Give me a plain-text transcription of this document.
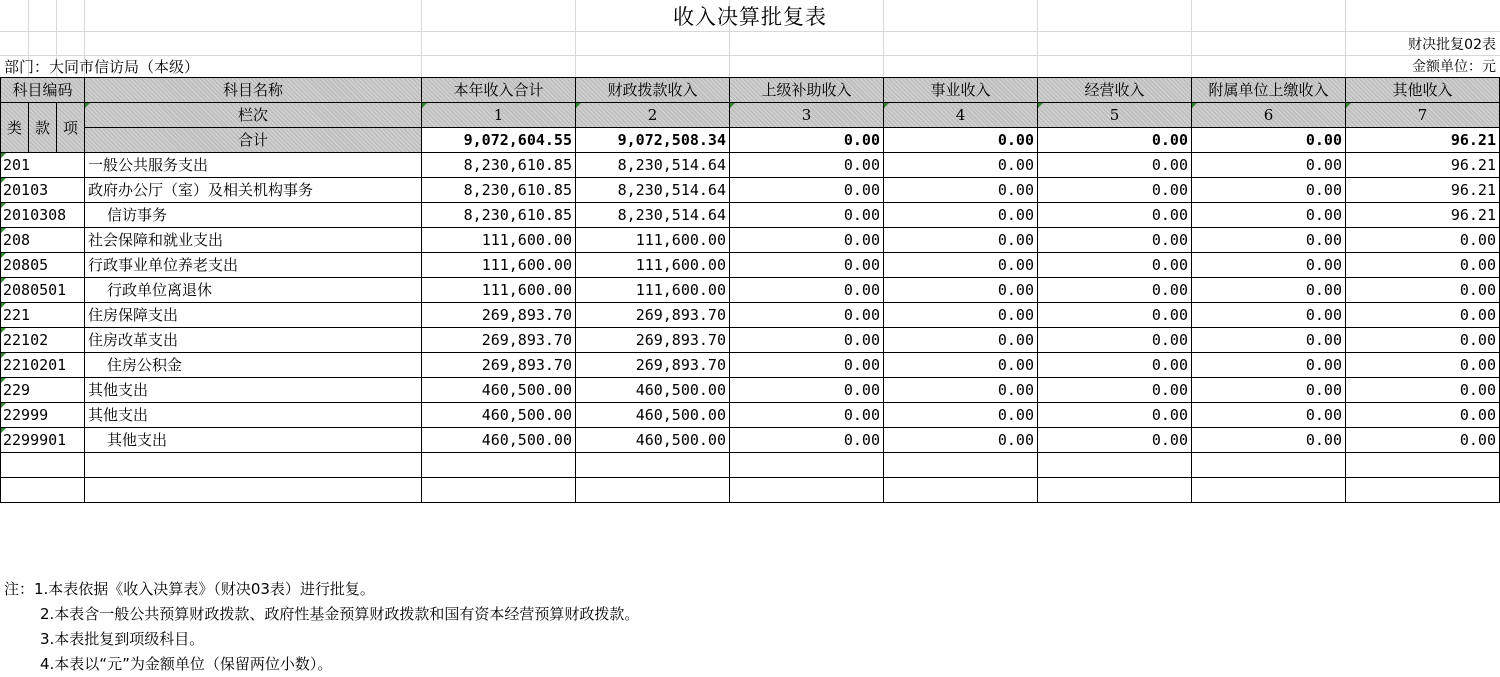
收入决算批复表
财决批复02表
部门：大同市信访局（本级）	金额单位：元
科目编码			科目名称	本年收入合计	财政拨款收入	上级补助收入	事业收入	经营收入	附属单位上缴收入	其他收入
类	款	项	栏次	1	2	3	4	5	6	7
			合计	9,072,604.55	9,072,508.34	0.00	0.00	0.00	0.00	96.21
201			一般公共服务支出	8,230,610.85	8,230,514.64	0.00	0.00	0.00	0.00	96.21
20103			政府办公厅（室）及相关机构事务	8,230,610.85	8,230,514.64	0.00	0.00	0.00	0.00	96.21
2010308			信访事务	8,230,610.85	8,230,514.64	0.00	0.00	0.00	0.00	96.21
208			社会保障和就业支出	111,600.00	111,600.00	0.00	0.00	0.00	0.00	0.00
20805			行政事业单位养老支出	111,600.00	111,600.00	0.00	0.00	0.00	0.00	0.00
2080501			行政单位离退休	111,600.00	111,600.00	0.00	0.00	0.00	0.00	0.00
221			住房保障支出	269,893.70	269,893.70	0.00	0.00	0.00	0.00	0.00
22102			住房改革支出	269,893.70	269,893.70	0.00	0.00	0.00	0.00	0.00
2210201			住房公积金	269,893.70	269,893.70	0.00	0.00	0.00	0.00	0.00
229			其他支出	460,500.00	460,500.00	0.00	0.00	0.00	0.00	0.00
22999			其他支出	460,500.00	460,500.00	0.00	0.00	0.00	0.00	0.00
2299901			其他支出	460,500.00	460,500.00	0.00	0.00	0.00	0.00	0.00

注：1.本表依据《收入决算表》（财决03表）进行批复。
2.本表含一般公共预算财政拨款、政府性基金预算财政拨款和国有资本经营预算财政拨款。
3.本表批复到项级科目。
4.本表以“元”为金额单位（保留两位小数）。
